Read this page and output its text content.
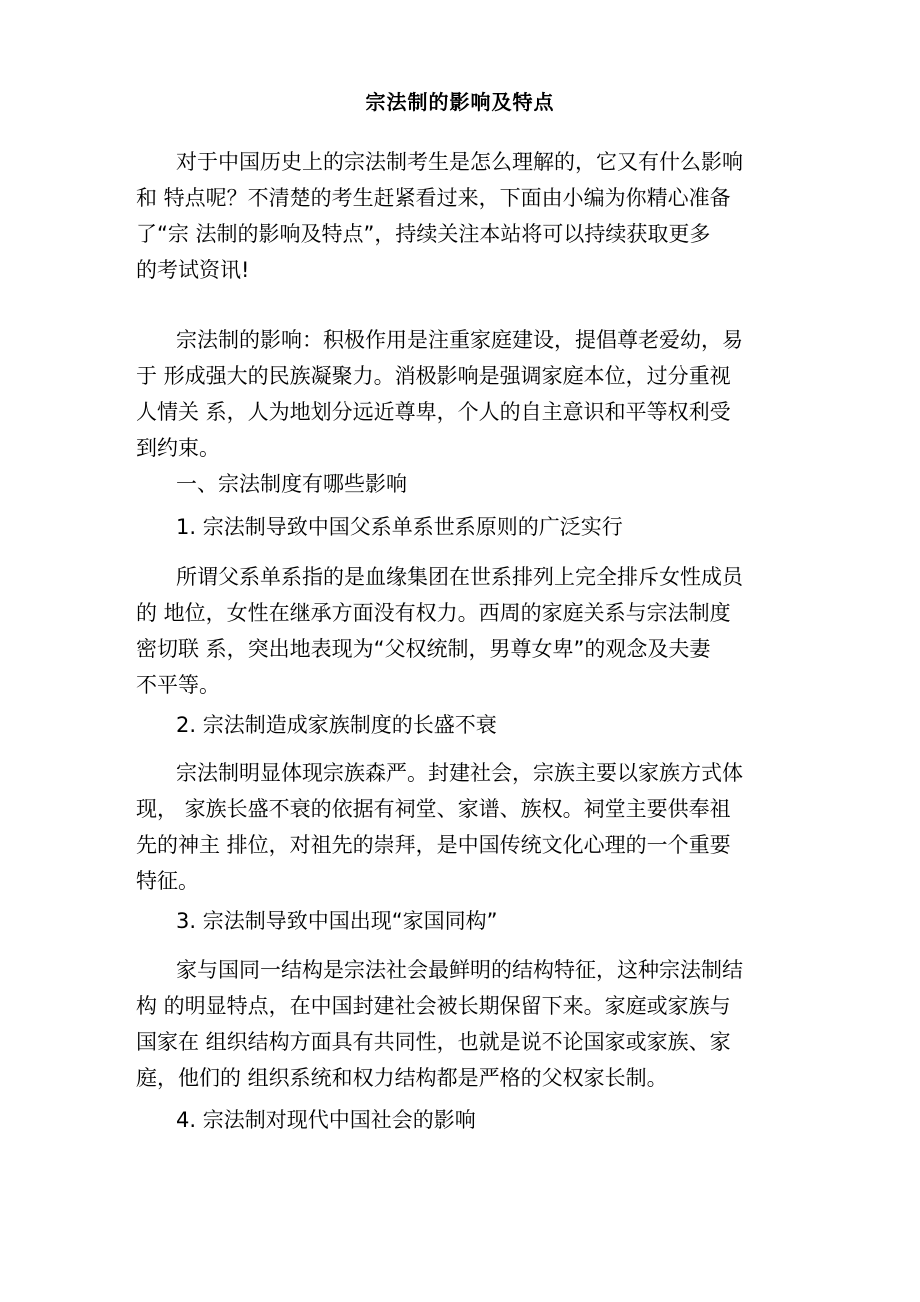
宗法制的影响及特点
对于中国历史上的宗法制考生是怎么理解的，它又有什么影响
和 特点呢？不清楚的考生赶紧看过来，下面由小编为你精心准备
了“宗 法制的影响及特点”，持续关注本站将可以持续获取更多
的考试资讯!
宗法制的影响：积极作用是注重家庭建设，提倡尊老爱幼，易
于 形成强大的民族凝聚力。消极影响是强调家庭本位，过分重视
人情关 系，人为地划分远近尊卑，个人的自主意识和平等权利受
到约束。
一、宗法制度有哪些影响
1. 宗法制导致中国父系单系世系原则的广泛实行
所谓父系单系指的是血缘集团在世系排列上完全排斥女性成员
的 地位，女性在继承方面没有权力。西周的家庭关系与宗法制度
密切联 系，突出地表现为“父权统制，男尊女卑”的观念及夫妻
不平等。
2. 宗法制造成家族制度的长盛不衰
宗法制明显体现宗族森严。封建社会，宗族主要以家族方式体
现， 家族长盛不衰的依据有祠堂、家谱、族权。祠堂主要供奉祖
先的神主 排位，对祖先的崇拜，是中国传统文化心理的一个重要
特征。
3. 宗法制导致中国出现“家国同构”
家与国同一结构是宗法社会最鲜明的结构特征，这种宗法制结
构 的明显特点，在中国封建社会被长期保留下来。家庭或家族与
国家在 组织结构方面具有共同性，也就是说不论国家或家族、家
庭，他们的 组织系统和权力结构都是严格的父权家长制。
4. 宗法制对现代中国社会的影响
